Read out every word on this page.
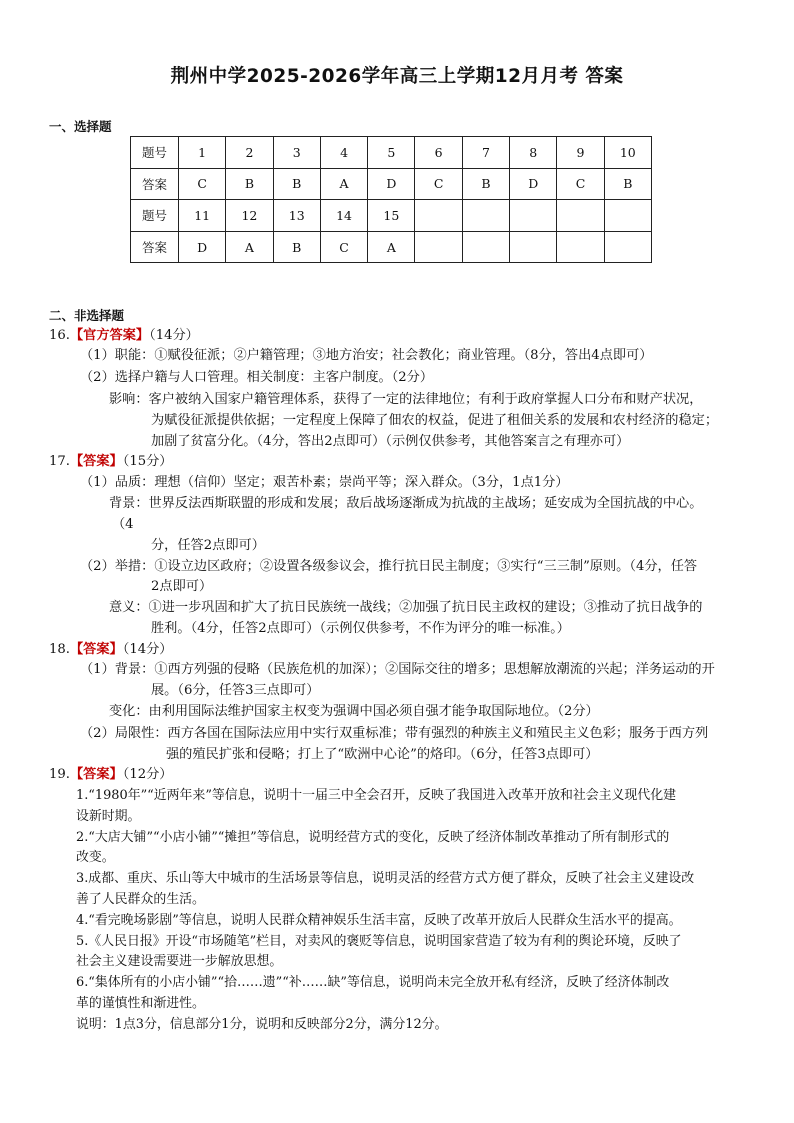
荆州中学2025-2026学年高三上学期12月月考 答案
一、选择题
题号	1	2	3	4	5	6	7	8	9	10
答案	C	B	B	A	D	C	B	D	C	B
题号	11	12	13	14	15					
答案	D	A	B	C	A					
二、非选择题
16.【官方答案】（14分）
（1）职能：①赋役征派；②户籍管理；③地方治安；社会教化；商业管理。（8分，答出4点即可）
（2）选择户籍与人口管理。相关制度：主客户制度。（2分）
影响：客户被纳入国家户籍管理体系，获得了一定的法律地位；有利于政府掌握人口分布和财产状况，
为赋役征派提供依据；一定程度上保障了佃农的权益，促进了租佃关系的发展和农村经济的稳定；
加剧了贫富分化。（4分，答出2点即可）（示例仅供参考，其他答案言之有理亦可）
17.【答案】（15分）
（1）品质：理想（信仰）坚定；艰苦朴素；崇尚平等；深入群众。（3分，1点1分）
背景：世界反法西斯联盟的形成和发展；敌后战场逐渐成为抗战的主战场；延安成为全国抗战的中心。
（4
分，任答2点即可）
（2）举措：①设立边区政府；②设置各级参议会，推行抗日民主制度；③实行“三三制”原则。（4分，任答
2点即可）
意义：①进一步巩固和扩大了抗日民族统一战线；②加强了抗日民主政权的建设；③推动了抗日战争的
胜利。（4分，任答2点即可）（示例仅供参考，不作为评分的唯一标准。）
18.【答案】（14分）
（1）背景：①西方列强的侵略（民族危机的加深）；②国际交往的增多；思想解放潮流的兴起；洋务运动的开
展。（6分，任答3三点即可）
变化：由利用国际法维护国家主权变为强调中国必须自强才能争取国际地位。（2分）
（2）局限性：西方各国在国际法应用中实行双重标准；带有强烈的种族主义和殖民主义色彩；服务于西方列
强的殖民扩张和侵略；打上了“欧洲中心论”的烙印。（6分，任答3点即可）
19.【答案】（12分）
1.“1980年”“近两年来”等信息，说明十一届三中全会召开，反映了我国进入改革开放和社会主义现代化建
设新时期。
2.“大店大铺”“小店小铺”“摊担”等信息，说明经营方式的变化，反映了经济体制改革推动了所有制形式的
改变。
3.成都、重庆、乐山等大中城市的生活场景等信息，说明灵活的经营方式方便了群众，反映了社会主义建设改
善了人民群众的生活。
4.“看完晚场影剧”等信息，说明人民群众精神娱乐生活丰富，反映了改革开放后人民群众生活水平的提高。
5.《人民日报》开设“市场随笔”栏目，对卖风的褒贬等信息，说明国家营造了较为有利的舆论环境，反映了
社会主义建设需要进一步解放思想。
6.“集体所有的小店小铺”“拾……遗”“补……缺”等信息，说明尚未完全放开私有经济，反映了经济体制改
革的谨慎性和渐进性。
说明：1点3分，信息部分1分，说明和反映部分2分，满分12分。
